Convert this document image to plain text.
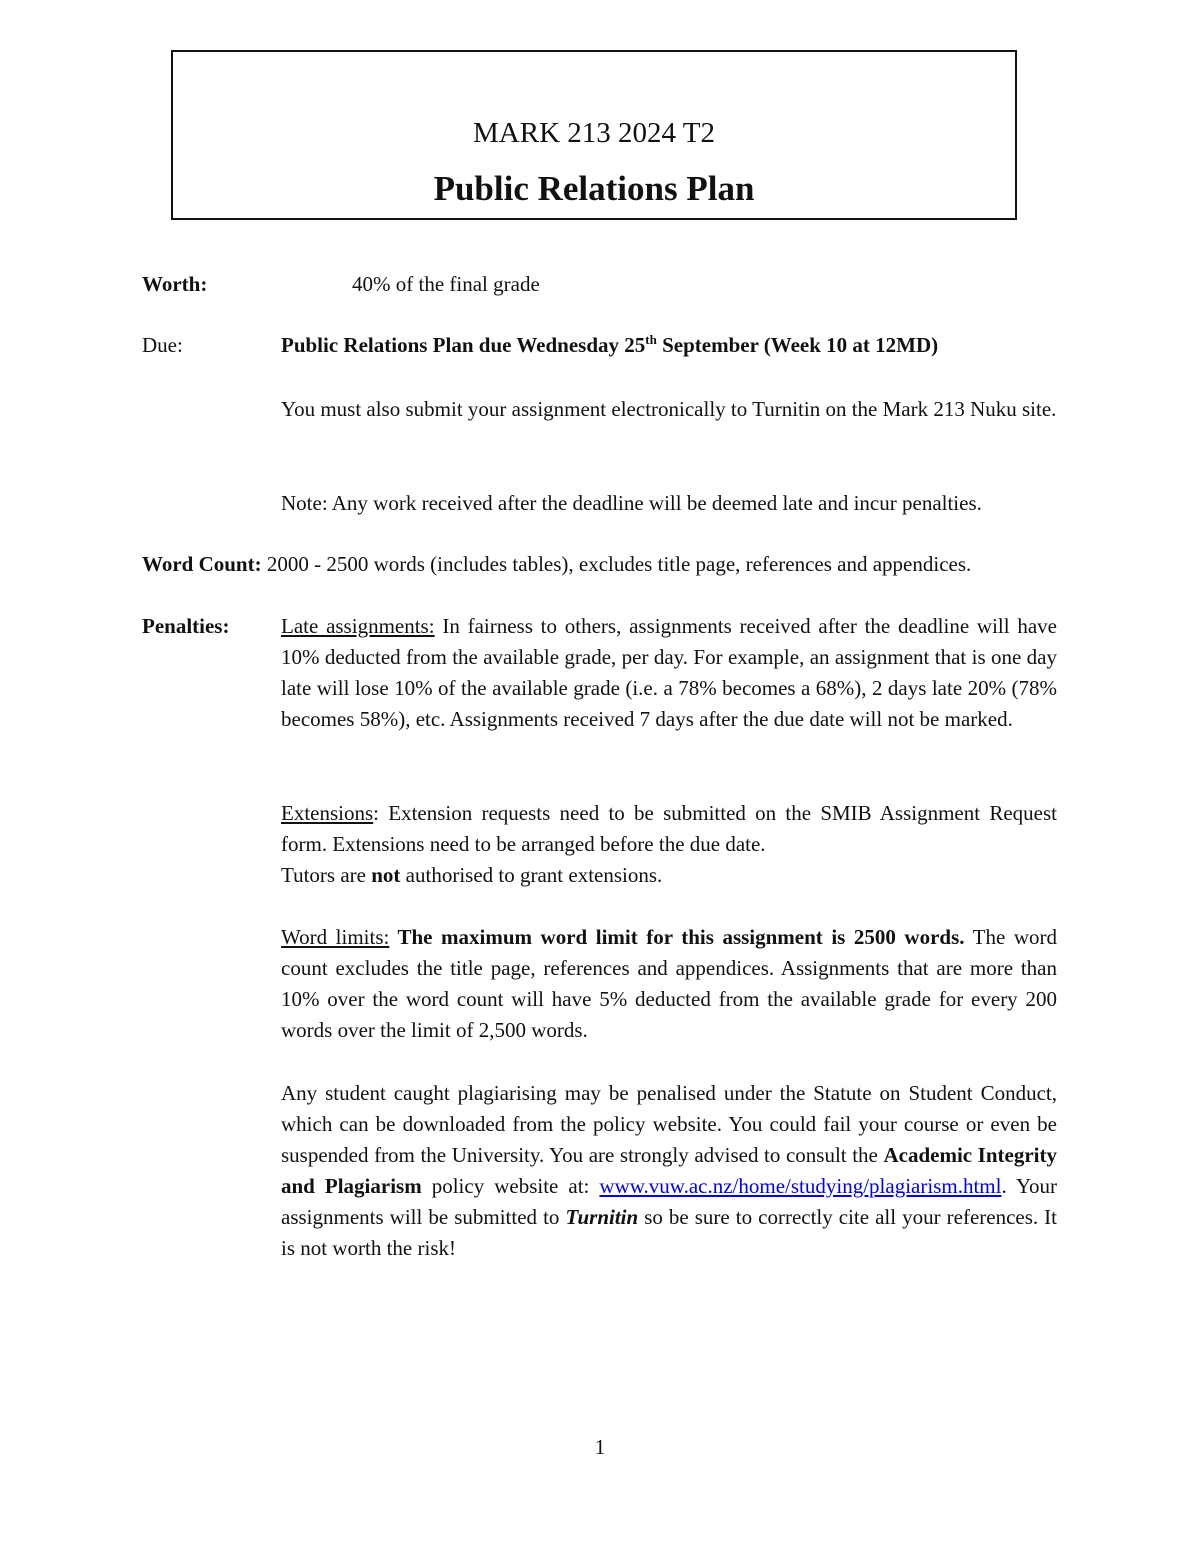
MARK 213 2024 T2
Public Relations Plan
Worth:	40% of the final grade
Due:	Public Relations Plan due Wednesday 25th September (Week 10 at 12MD)
You must also submit your assignment electronically to Turnitin on the Mark 213 Nuku site.
Note: Any work received after the deadline will be deemed late and incur penalties.
Word Count: 2000 - 2500 words (includes tables), excludes title page, references and appendices.
Penalties: Late assignments: In fairness to others, assignments received after the deadline will have 10% deducted from the available grade, per day. For example, an assignment that is one day late will lose 10% of the available grade (i.e. a 78% becomes a 68%), 2 days late 20% (78% becomes 58%), etc. Assignments received 7 days after the due date will not be marked.
Extensions: Extension requests need to be submitted on the SMIB Assignment Request form. Extensions need to be arranged before the due date.
Tutors are not authorised to grant extensions.
Word limits: The maximum word limit for this assignment is 2500 words. The word count excludes the title page, references and appendices. Assignments that are more than 10% over the word count will have 5% deducted from the available grade for every 200 words over the limit of 2,500 words.
Any student caught plagiarising may be penalised under the Statute on Student Conduct, which can be downloaded from the policy website. You could fail your course or even be suspended from the University. You are strongly advised to consult the Academic Integrity and Plagiarism policy website at: www.vuw.ac.nz/home/studying/plagiarism.html. Your assignments will be submitted to Turnitin so be sure to correctly cite all your references. It is not worth the risk!
1
